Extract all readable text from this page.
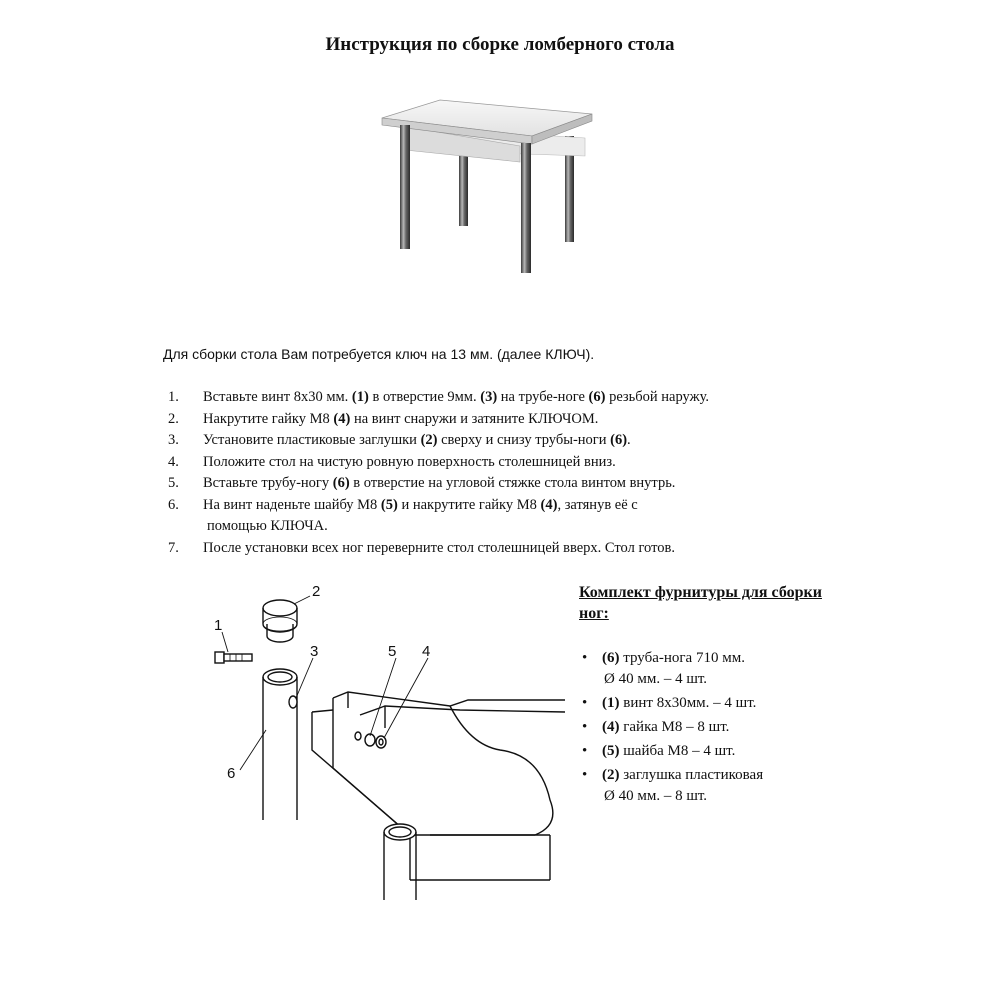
Инструкция по сборке ломберного стола
Для сборки стола Вам потребуется ключ на 13 мм. (далее КЛЮЧ).
1.	Вставьте винт 8х30 мм. (1) в отверстие 9мм. (3) на трубе-ноге (6) резьбой наружу.
2.	Накрутите гайку М8 (4) на винт снаружи и затяните КЛЮЧОМ.
3.	Установите пластиковые заглушки (2) сверху и снизу трубы-ноги (6).
4.	Положите стол на чистую ровную поверхность столешницей вниз.
5.	Вставьте трубу-ногу (6) в отверстие на угловой стяжке стола винтом внутрь.
6.	На винт наденьте шайбу М8 (5) и накрутите гайку М8 (4), затянув её с
помощью КЛЮЧА.
7.	После установки всех ног переверните стол столешницей вверх. Стол готов.
1
2
3	4
5
6
Комплект фурнитуры для сборки ног:
• (6) труба-нога 710 мм.
Ø 40 мм. – 4 шт.
• (1) винт 8х30мм. – 4 шт.
• (4) гайка М8 – 8 шт.
• (5) шайба М8 – 4 шт.
• (2) заглушка пластиковая
Ø 40 мм. – 8 шт.
